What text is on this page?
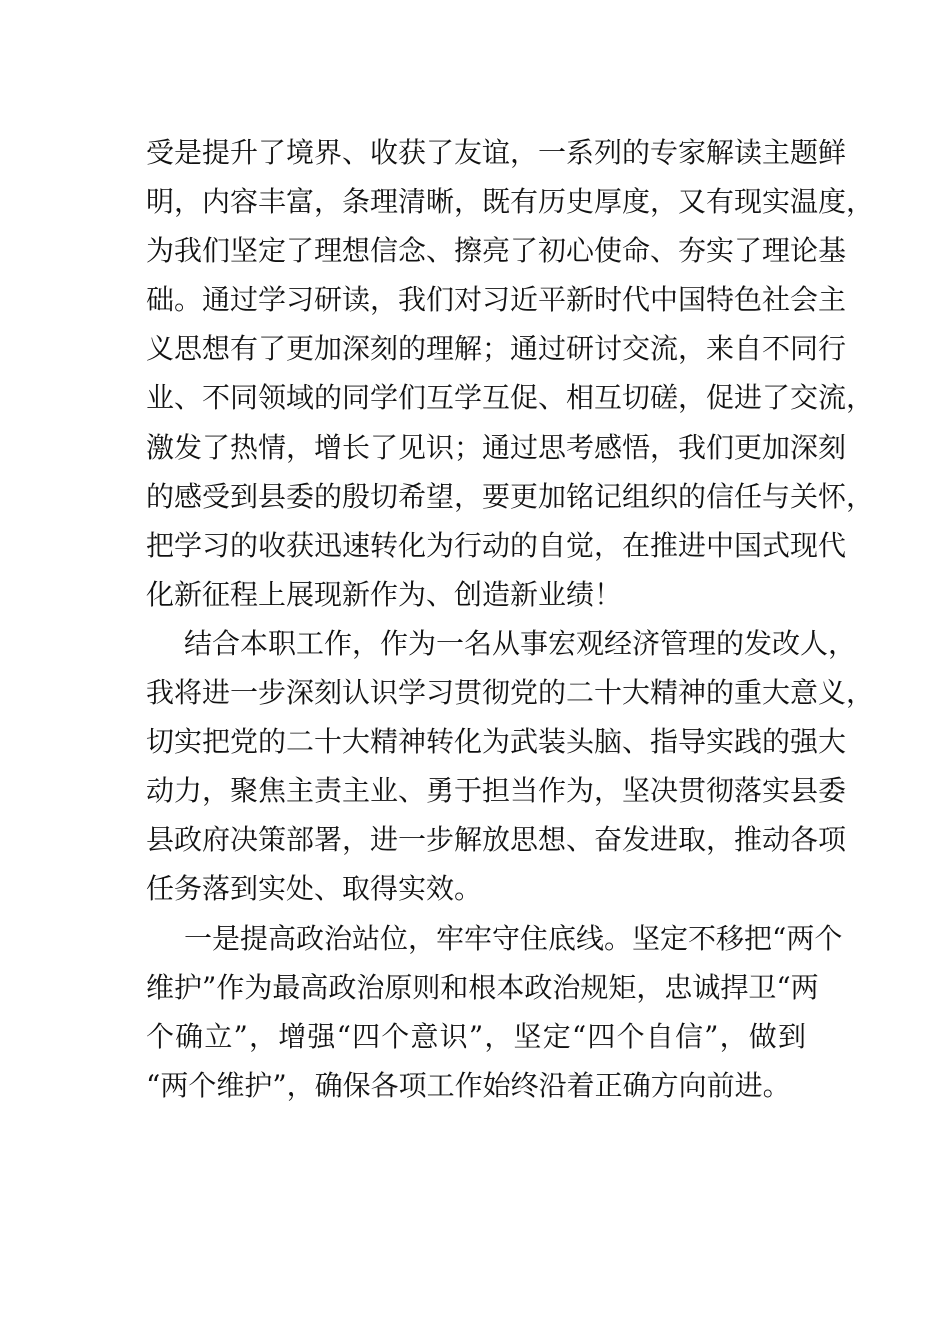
受是提升了境界、收获了友谊，一系列的专家解读主题鲜
明，内容丰富，条理清晰，既有历史厚度，又有现实温度，
为我们坚定了理想信念、擦亮了初心使命、夯实了理论基
础。通过学习研读，我们对习近平新时代中国特色社会主
义思想有了更加深刻的理解；通过研讨交流，来自不同行
业、不同领域的同学们互学互促、相互切磋，促进了交流，
激发了热情，增长了见识；通过思考感悟，我们更加深刻
的感受到县委的殷切希望，要更加铭记组织的信任与关怀，
把学习的收获迅速转化为行动的自觉，在推进中国式现代
化新征程上展现新作为、创造新业绩！
结合本职工作，作为一名从事宏观经济管理的发改人，
我将进一步深刻认识学习贯彻党的二十大精神的重大意义，
切实把党的二十大精神转化为武装头脑、指导实践的强大
动力，聚焦主责主业、勇于担当作为，坚决贯彻落实县委
县政府决策部署，进一步解放思想、奋发进取，推动各项
任务落到实处、取得实效。
一是提高政治站位，牢牢守住底线。坚定不移把“两个
维护”作为最高政治原则和根本政治规矩，忠诚捍卫“两
个确立”，增强“四个意识”，坚定“四个自信”，做到
“两个维护”，确保各项工作始终沿着正确方向前进。
